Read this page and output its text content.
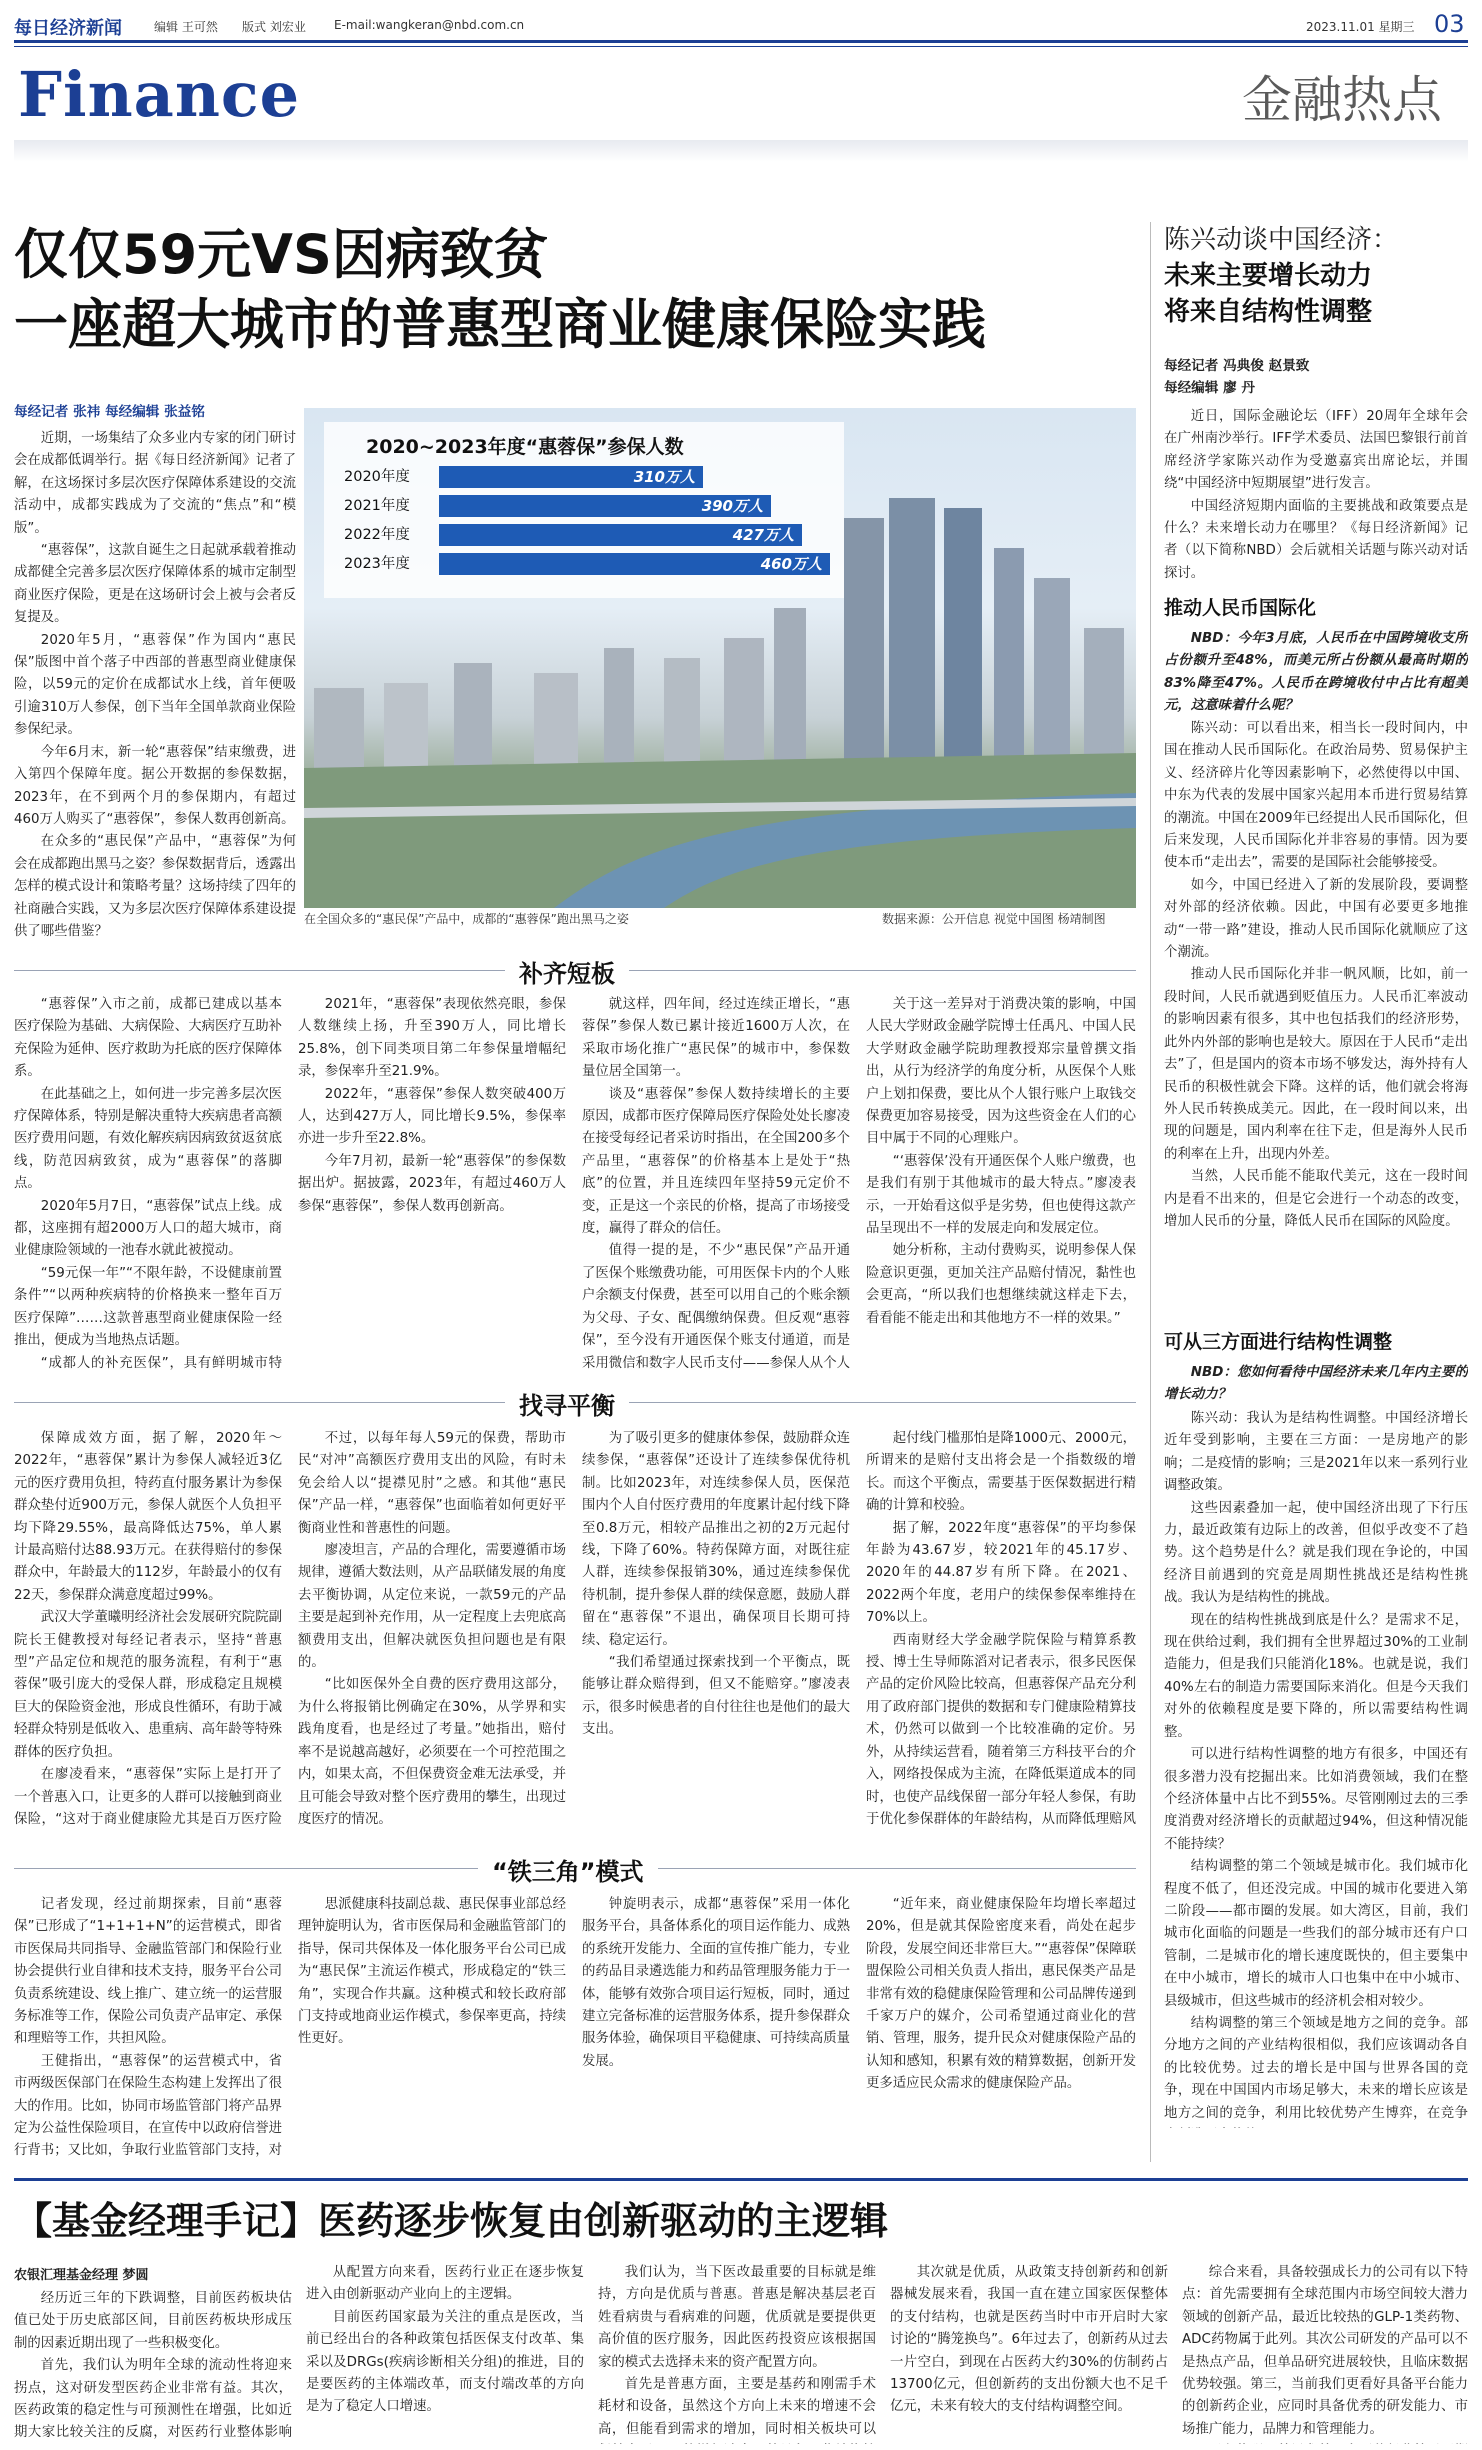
每日经济新闻	编辑 王可然 版式 刘宏业 E-mail:wangkeran@nbd.com.cn	2023.11.01 星期三 03
Finance	金融热点
仅仅59元VS因病致贫
一座超大城市的普惠型商业健康保险实践
每经记者 张祎 每经编辑 张益铭

近期，一场集结了众多业内专家的闭门研讨会在成都低调举行。据《每日经济新闻》记者了解，在这场探讨多层次医疗保障体系建设的交流活动中，成都实践成为了交流的“焦点”和“模版”。

“惠蓉保”，这款自诞生之日起就承载着推动成都健全完善多层次医疗保障体系的城市定制型商业医疗保险，更是在这场研讨会上被与会者反复提及。

2020年5月，“惠蓉保”作为国内“惠民保”版图中首个落子中西部的普惠型商业健康保险，以59元的定价在成都试水上线，首年便吸引逾310万人参保，创下当年全国单款商业保险参保纪录。

今年6月末，新一轮“惠蓉保”结束缴费，进入第四个保障年度。据公开数据的参保数据，2023年，在不到两个月的参保期内，有超过460万人购买了“惠蓉保”，参保人数再创新高。

在众多的“惠民保”产品中，“惠蓉保”为何会在成都跑出黑马之姿？参保数据背后，透露出怎样的模式设计和策略考量？这场持续了四年的社商融合实践，又为多层次医疗保障体系建设提供了哪些借鉴？

2020~2023年度“惠蓉保”参保人数
2020年度	310万人
2021年度	390万人
2022年度	427万人
2023年度	460万人
在全国众多的“惠民保”产品中，成都的“惠蓉保”跑出黑马之姿	数据来源：公开信息 视觉中国图 杨靖制图
补齐短板

“惠蓉保”入市之前，成都已建成以基本医疗保险为基础、大病保险、大病医疗互助补充保险为延伸、医疗救助为托底的医疗保障体系。

在此基础之上，如何进一步完善多层次医疗保障体系，特别是解决重特大疾病患者高额医疗费用问题，有效化解疾病因病致贫返贫底线，防范因病致贫，成为“惠蓉保”的落脚点。

2020年5月7日，“惠蓉保”试点上线。成都，这座拥有超2000万人口的超大城市，商业健康险领域的一池春水就此被搅动。

“59元保一年”“不限年龄，不设健康前置条件”“以两种疾病特的价格换来一整年百万医疗保障”……这款普惠型商业健康保险一经推出，便成为当地热点话题。

“成都人的补充医保”，具有鲜明城市特

2021年，“惠蓉保”表现依然亮眼，参保人数继续上扬，升至390万人，同比增长25.8%，创下同类项目第二年参保量增幅纪录，参保率升至21.9%。

2022年，“惠蓉保”参保人数突破400万人，达到427万人，同比增长9.5%，参保率亦进一步升至22.8%。

今年7月初，最新一轮“惠蓉保”的参保数据出炉。据披露，2023年，有超过460万人参保“惠蓉保”，参保人数再创新高。

就这样，四年间，经过连续正增长，“惠蓉保”参保人数已累计接近1600万人次，在采取市场化推广“惠民保”的城市中，参保数量位居全国第一。

谈及“惠蓉保”参保人数持续增长的主要原因，成都市医疗保障局医疗保险处处长廖凌在接受每经记者采访时指出，在全国200多个产品里，“惠蓉保”的价格基本上是处于“热底”的位置，并且连续四年坚持59元定价不变，正是这一个亲民的价格，提高了市场接受度，赢得了群众的信任。

值得一提的是，不少“惠民保”产品开通了医保个账缴费功能，可用医保卡内的个人账户余额支付保费，甚至可以用自己的个账余额为父母、子女、配偶缴纳保费。但反观“惠蓉保”，至今没有开通医保个账支付通道，而是采用微信和数字人民币支付——参保人从个人

关于这一差异对于消费决策的影响，中国人民大学财政金融学院博士任禹凡、中国人民大学财政金融学院助理教授郑宗量曾撰文指出，从行为经济学的角度分析，从医保个人账户上划扣保费，要比从个人银行账户上取钱交保费更加容易接受，因为这些资金在人们的心目中属于不同的心理账户。

“‘惠蓉保’没有开通医保个人账户缴费，也是我们有别于其他城市的最大特点。”廖凌表示，一开始看这似乎是劣势，但也使得这款产品呈现出不一样的发展走向和发展定位。

她分析称，主动付费购买，说明参保人保险意识更强，更加关注产品赔付情况，黏性也会更高，“所以我们也想继续就这样走下去，看看能不能走出和其他地方不一样的效果。”

找寻平衡

保障成效方面，据了解，2020年～2022年，“惠蓉保”累计为参保人减轻近3亿元的医疗费用负担，特药直付服务累计为参保群众垫付近900万元，参保人就医个人负担平均下降29.55%，最高降低达75%，单人累计最高赔付达88.93万元。在获得赔付的参保群众中，年龄最大的112岁，年龄最小的仅有22天，参保群众满意度超过99%。

武汉大学董曦明经济社会发展研究院院副院长王健教授对每经记者表示，坚持“普惠型”产品定位和规范的服务流程，有利于“惠蓉保”吸引庞大的受保人群，形成稳定且规模巨大的保险资金池，形成良性循环，有助于减轻群众特别是低收入、患重病、高年龄等特殊群体的医疗负担。

在廖凌看来，“惠蓉保”实际上是打开了一个普惠入口，让更多的人群可以接触到商业保险，“这对于商业健康险尤其是百万医疗险

不过，以每年每人59元的保费，帮助市民“对冲”高额医疗费用支出的风险，有时未免会给人以“提襟见肘”之感。和其他“惠民保”产品一样，“惠蓉保”也面临着如何更好平衡商业性和普惠性的问题。

廖凌坦言，产品的合理化，需要遵循市场规律，遵循大数法则，从产品联储发展的角度去平衡协调，从定位来说，一款59元的产品主要是起到补充作用，从一定程度上去兜底高额费用支出，但解决就医负担问题也是有限的。

“比如医保外全自费的医疗费用这部分，为什么将报销比例确定在30%，从学界和实践角度看，也是经过了考量。”她指出，赔付率不是说越高越好，必须要在一个可控范围之内，如果太高，不但保费资金难无法承受，并且可能会导致对整个医疗费用的攀生，出现过度医疗的情况。

为了吸引更多的健康体参保，鼓励群众连续参保，“惠蓉保”还设计了连续参保优待机制。比如2023年，对连续参保人员，医保范围内个人自付医疗费用的年度累计起付线下降至0.8万元，相较产品推出之初的2万元起付线，下降了60%。特药保障方面，对既往症人群，连续参保报销30%，通过连续参保优待机制，提升参保人群的续保意愿，鼓励人群留在“惠蓉保”不退出，确保项目长期可持续、稳定运行。

“我们希望通过探索找到一个平衡点，既能够让群众赔得到，但又不能赔穿。”廖凌表示，很多时候患者的自付往往也是他们的最大支出。

起付线门槛那怕是降1000元、2000元，所谓来的是赔付支出将会是一个指数级的增长。而这个平衡点，需要基于医保数据进行精确的计算和校验。

据了解，2022年度“惠蓉保”的平均参保年龄为43.67岁，较2021年的45.17岁、2020年的44.87岁有所下降。在2021、2022两个年度，老用户的续保参保率维持在70%以上。

西南财经大学金融学院保险与精算系教授、博士生导师陈滔对记者表示，很多民医保产品的定价风险比较高，但惠蓉保产品充分利用了政府部门提供的数据和专门健康险精算技术，仍然可以做到一个比较准确的定价。另外，从持续运营看，随着第三方科技平台的介入，网络投保成为主流，在降低渠道成本的同时，也使产品线保留一部分年轻人参保，有助于优化参保群体的年龄结构，从而降低理赔风

“铁三角”模式

记者发现，经过前期探索，目前“惠蓉保”已形成了“1+1+1+N”的运营模式，即省市医保局共同指导、金融监管部门和保险行业协会提供行业自律和技术支持，服务平台公司负责系统建设、线上推广、建立统一的运营服务标准等工作，保险公司负责产品审定、承保和理赔等工作，共担风险。

王健指出，“惠蓉保”的运营模式中，省市两级医保部门在保险生态构建上发挥出了很大的作用。比如，协同市场监管部门将产品界定为公益性保险项目，在宣传中以政府信誉进行背书；又比如，争取行业监管部门支持，对

思派健康科技副总裁、惠民保事业部总经理钟旋明认为，省市医保局和金融监管部门的指导，保司共保体及一体化服务平台公司已成为“惠民保”主流运作模式，形成稳定的“铁三角”，实现合作共赢。这种模式和较长政府部门支持或地商业运作模式，参保率更高，持续性更好。

钟旋明表示，成都“惠蓉保”采用一体化服务平台，具备体系化的项目运作能力、成熟的系统开发能力、全面的宣传推广能力，专业的药品目录遴选能力和药品管理服务能力于一体，能够有效弥合项目运行短板，同时，通过建立完备标准的运营服务体系，提升参保群众服务体验，确保项目平稳健康、可持续高质量发展。

“近年来，商业健康保险年均增长率超过20%，但是就其保险密度来看，尚处在起步阶段，发展空间还非常巨大。”“惠蓉保”保障联盟保险公司相关负责人指出，惠民保类产品是非常有效的稳健康保险管理和公司品牌传递到千家万户的媒介，公司希望通过商业化的营销、管理，服务，提升民众对健康保险产品的认知和感知，积累有效的精算数据，创新开发更多适应民众需求的健康保险产品。

陈兴动谈中国经济：
未来主要增长动力
将来自结构性调整
每经记者 冯典俊 赵景致
每经编辑 廖 丹

近日，国际金融论坛（IFF）20周年全球年会在广州南沙举行。IFF学术委员、法国巴黎银行前首席经济学家陈兴动作为受邀嘉宾出席论坛，并围绕“中国经济中短期展望”进行发言。

中国经济短期内面临的主要挑战和政策要点是什么？未来增长动力在哪里？《每日经济新闻》记者（以下简称NBD）会后就相关话题与陈兴动对话探讨。

推动人民币国际化
NBD：今年3月底，人民币在中国跨境收支所占份额升至48%，而美元所占份额从最高时期的83%降至47%。人民币在跨境收付中占比有超美元，这意味着什么呢？

陈兴动：可以看出来，相当长一段时间内，中国在推动人民币国际化。在政治局势、贸易保护主义、经济碎片化等因素影响下，必然使得以中国、中东为代表的发展中国家兴起用本币进行贸易结算的潮流。中国在2009年已经提出人民币国际化，但后来发现，人民币国际化并非容易的事情。因为要使本币“走出去”，需要的是国际社会能够接受。

如今，中国已经进入了新的发展阶段，要调整对外部的经济依赖。因此，中国有必要更多地推动“一带一路”建设，推动人民币国际化就顺应了这个潮流。

推动人民币国际化并非一帆风顺，比如，前一段时间，人民币就遇到贬值压力。人民币汇率波动的影响因素有很多，其中也包括我们的经济形势，此外内外部的影响也是较大。原因在于人民币“走出去”了，但是国内的资本市场不够发达，海外持有人民币的积极性就会下降。这样的话，他们就会将海外人民币转换成美元。因此，在一段时间以来，出现的问题是，国内利率在往下走，但是海外人民币的利率在上升，出现内外差。

当然，人民币能不能取代美元，这在一段时间内是看不出来的，但是它会进行一个动态的改变，增加人民币的分量，降低人民币在国际的风险度。

可从三方面进行结构性调整
NBD：您如何看待中国经济未来几年内主要的增长动力？

陈兴动：我认为是结构性调整。中国经济增长近年受到影响，主要在三方面：一是房地产的影响；二是疫情的影响；三是2021年以来一系列行业调整政策。

这些因素叠加一起，使中国经济出现了下行压力，最近政策有边际上的改善，但似乎改变不了趋势。这个趋势是什么？就是我们现在争论的，中国经济目前遇到的究竟是周期性挑战还是结构性挑战。我认为是结构性的挑战。

现在的结构性挑战到底是什么？是需求不足，现在供给过剩，我们拥有全世界超过30%的工业制造能力，但是我们只能消化18%。也就是说，我们40%左右的制造力需要国际来消化。但是今天我们对外的依赖程度是要下降的，所以需要结构性调整。

可以进行结构性调整的地方有很多，中国还有很多潜力没有挖掘出来。比如消费领域，我们在整个经济体量中占比不到55%。尽管刚刚过去的三季度消费对经济增长的贡献超过94%，但这种情况能不能持续？

结构调整的第二个领域是城市化。我们城市化程度不低了，但还没完成。中国的城市化要进入第二阶段——都市圈的发展。如大湾区，目前，我们城市化面临的问题是一些我们的部分城市还有户口管制，二是城市化的增长速度既快的，但主要集中在中小城市，增长的城市人口也集中在中小城市、县级城市，但这些城市的经济机会相对较少。

结构调整的第三个领域是地方之间的竞争。部分地方之间的产业结构很相似，我们应该调动各自的比较优势。过去的增长是中国与世界各国的竞争，现在中国国内市场足够大，未来的增长应该是地方之间的竞争，利用比较优势产生博弈，在竞争

【基金经理手记】医药逐步恢复由创新驱动的主逻辑
农银汇理基金经理 梦圆

经历近三年的下跌调整，目前医药板块估值已处于历史底部区间，目前医药板块形成压制的因素近期出现了一些积极变化。

首先，我们认为明年全球的流动性将迎来拐点，这对研发型医药企业非常有益。其次，医药政策的稳定性与可预测性在增强，比如近期大家比较关注的反腐，对医药行业整体影响

从配置方向来看，医药行业正在逐步恢复进入由创新驱动产业向上的主逻辑。

目前医药国家最为关注的重点是医改，当前已经出台的各种政策包括医保支付改革、集采以及DRGs(疾病诊断相关分组)的推进，目的是要医药的主体端改革，而支付端改革的方向是为了稳定人口增速。

我们认为，当下医改最重要的目标就是维持，方向是优质与普惠。普惠是解决基层老百姓看病贵与看病难的问题，优质就是要提供更高价值的医疗服务，因此医药投资应该根据国家的模式去选择未来的资产配置方向。

首先是普惠方面，主要是基药和刚需手术耗材和设备，虽然这个方向上未来的增速不会高，但能看到需求的增加，同时相关板块可以

其次就是优质，从政策支持创新药和创新器械发展来看，我国一直在建立国家医保整体的支付结构，也就是医药当时中市开启时大家讨论的“腾笼换鸟”。6年过去了，创新药从过去一片空白，到现在占医药大约30%的仿制药占13700亿元，但创新药的支出份额大也不足千亿元，未来有较大的支付结构调整空间。

综合来看，具备较强成长力的公司有以下特点：首先需要拥有全球范围内市场空间较大潜力领域的创新产品，最近比较热的GLP-1类药物、ADC药物属于此列。其次公司研发的产品可以不是热点产品，但单品研究进展较快，且临床数据优势较强。第三，当前我们更看好具备平台能力的创新药企业，应同时具备优秀的研发能力、市场推广能力，品牌力和管理能力。
